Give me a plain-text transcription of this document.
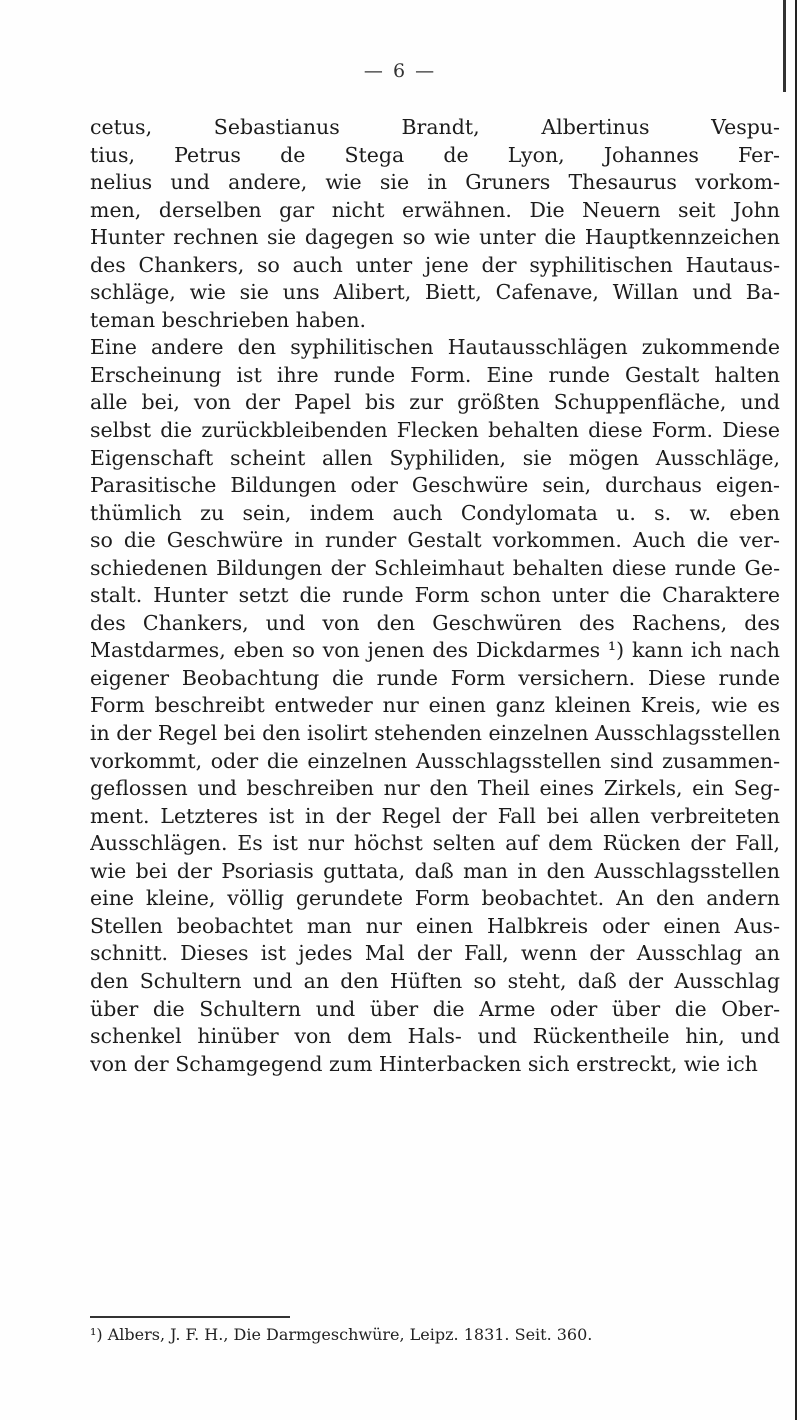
— 6 —
cetus, Sebastianus Brandt, Albertinus Vespu-
tius, Petrus de Stega de Lyon, Johannes Fer-
nelius und andere, wie sie in Gruners Thesaurus vorkom-
men, derselben gar nicht erwähnen. Die Neuern seit John
Hunter rechnen sie dagegen so wie unter die Hauptkennzeichen
des Chankers, so auch unter jene der syphilitischen Hautaus-
schläge, wie sie uns Alibert, Biett, Cafenave, Willan und Ba-
teman beschrieben haben.
Eine andere den syphilitischen Hautausschlägen zukommende
Erscheinung ist ihre runde Form. Eine runde Gestalt halten
alle bei, von der Papel bis zur größten Schuppenfläche, und
selbst die zurückbleibenden Flecken behalten diese Form. Diese
Eigenschaft scheint allen Syphiliden, sie mögen Ausschläge,
Parasitische Bildungen oder Geschwüre sein, durchaus eigen-
thümlich zu sein, indem auch Condylomata u. s. w. eben
so die Geschwüre in runder Gestalt vorkommen. Auch die ver-
schiedenen Bildungen der Schleimhaut behalten diese runde Ge-
stalt. Hunter setzt die runde Form schon unter die Charaktere
des Chankers, und von den Geschwüren des Rachens, des
Mastdarmes, eben so von jenen des Dickdarmes ¹) kann ich nach
eigener Beobachtung die runde Form versichern. Diese runde
Form beschreibt entweder nur einen ganz kleinen Kreis, wie es
in der Regel bei den isolirt stehenden einzelnen Ausschlagsstellen
vorkommt, oder die einzelnen Ausschlagsstellen sind zusammen-
geflossen und beschreiben nur den Theil eines Zirkels, ein Seg-
ment. Letzteres ist in der Regel der Fall bei allen verbreiteten
Ausschlägen. Es ist nur höchst selten auf dem Rücken der Fall,
wie bei der Psoriasis guttata, daß man in den Ausschlagsstellen
eine kleine, völlig gerundete Form beobachtet. An den andern
Stellen beobachtet man nur einen Halbkreis oder einen Aus-
schnitt. Dieses ist jedes Mal der Fall, wenn der Ausschlag an
den Schultern und an den Hüften so steht, daß der Ausschlag
über die Schultern und über die Arme oder über die Ober-
schenkel hinüber von dem Hals- und Rückentheile hin, und
von der Schamgegend zum Hinterbacken sich erstreckt, wie ich
¹) Albers, J. F. H., Die Darmgeschwüre, Leipz. 1831. Seit. 360.
